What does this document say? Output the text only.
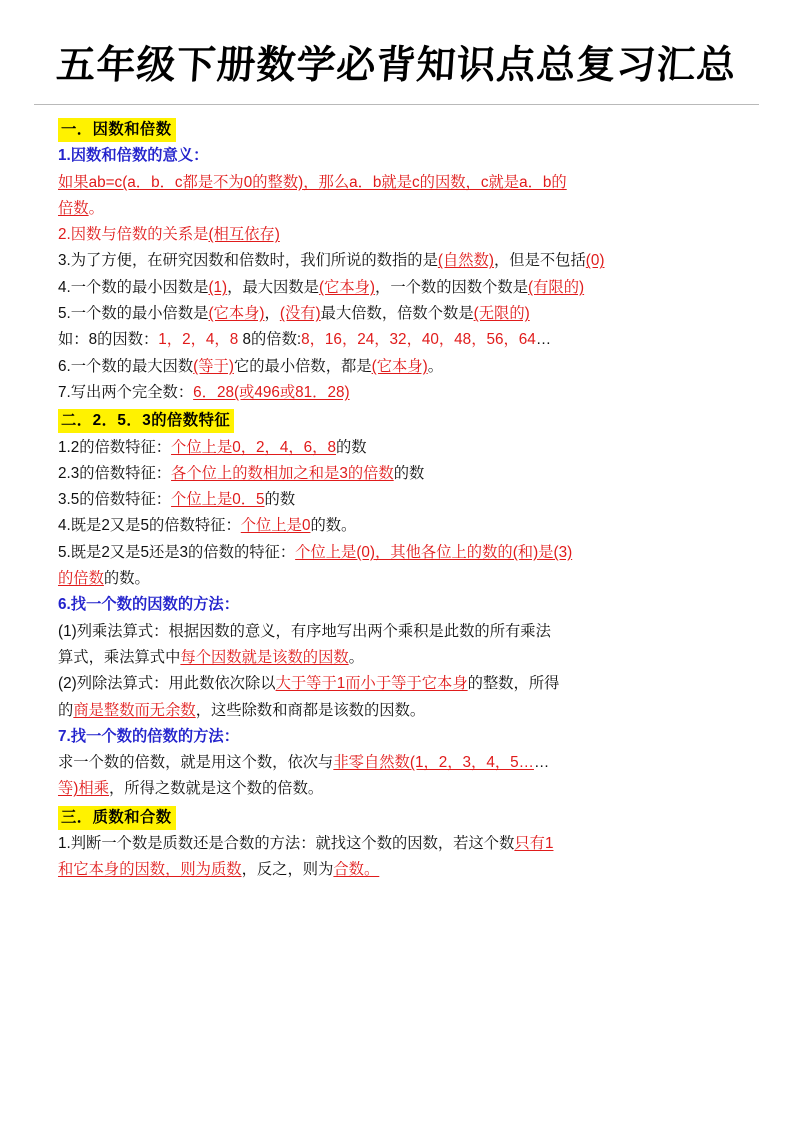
五年级下册数学必背知识点总复习汇总
一．因数和倍数
1.因数和倍数的意义：
如果ab=c(a．b．c都是不为0的整数)，那么a．b就是c的因数，c就是a．b的
倍数。
2.因数与倍数的关系是(相互依存)
3.为了方便，在研究因数和倍数时，我们所说的数指的是(自然数)，但是不包括(0)
4.一个数的最小因数是(1)，最大因数是(它本身)，一个数的因数个数是(有限的)
5.一个数的最小倍数是(它本身)，(没有)最大倍数，倍数个数是(无限的)
如：8的因数：1，2，4，8 8的倍数:8，16，24，32，40，48，56，64…
6.一个数的最大因数(等于)它的最小倍数，都是(它本身)。
7.写出两个完全数：6．28(或496或81．28)
二．2．5．3的倍数特征
1.2的倍数特征：个位上是0，2，4，6，8的数
2.3的倍数特征：各个位上的数相加之和是3的倍数的数
3.5的倍数特征：个位上是0．5的数
4.既是2又是5的倍数特征：个位上是0的数。
5.既是2又是5还是3的倍数的特征：个位上是(0)，其他各位上的数的(和)是(3)
的倍数的数。
6.找一个数的因数的方法：
(1)列乘法算式：根据因数的意义，有序地写出两个乘积是此数的所有乘法
算式，乘法算式中每个因数就是该数的因数。
(2)列除法算式：用此数依次除以大于等于1而小于等于它本身的整数，所得
的商是整数而无余数，这些除数和商都是该数的因数。
7.找一个数的倍数的方法：
求一个数的倍数，就是用这个数，依次与非零自然数(1，2，3，4，5……
等)相乘，所得之数就是这个数的倍数。
三．质数和合数
1.判断一个数是质数还是合数的方法：就找这个数的因数，若这个数只有1
和它本身的因数，则为质数，反之，则为合数。
